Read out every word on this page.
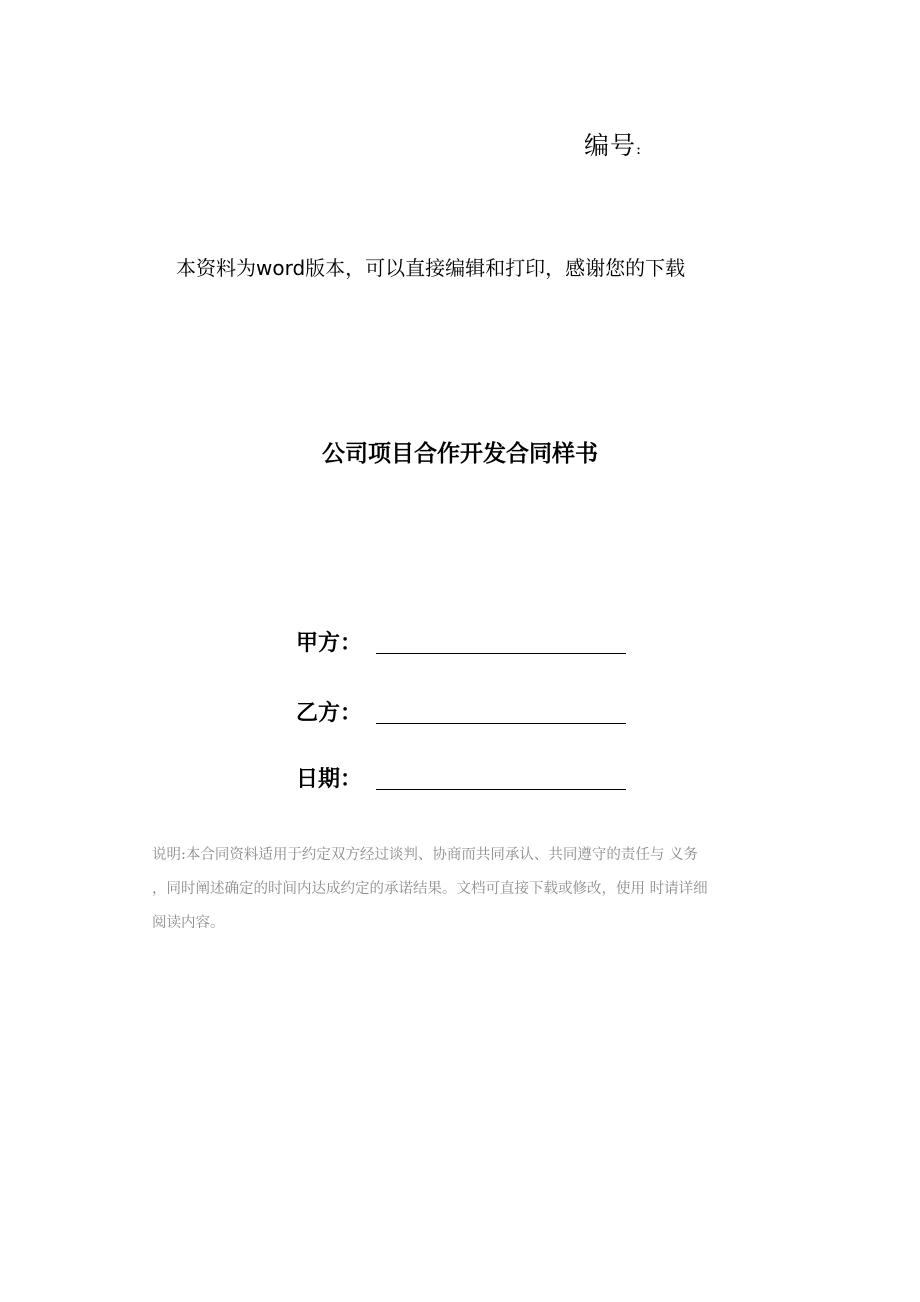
编号:
本资料为word版本，可以直接编辑和打印，感谢您的下载
公司项目合作开发合同样书
甲方：
乙方：
日期：
说明:本合同资料适用于约定双方经过谈判、协商而共同承认、共同遵守的责任与 义务
，同时阐述确定的时间内达成约定的承诺结果。文档可直接下载或修改，使用 时请详细
阅读内容。
